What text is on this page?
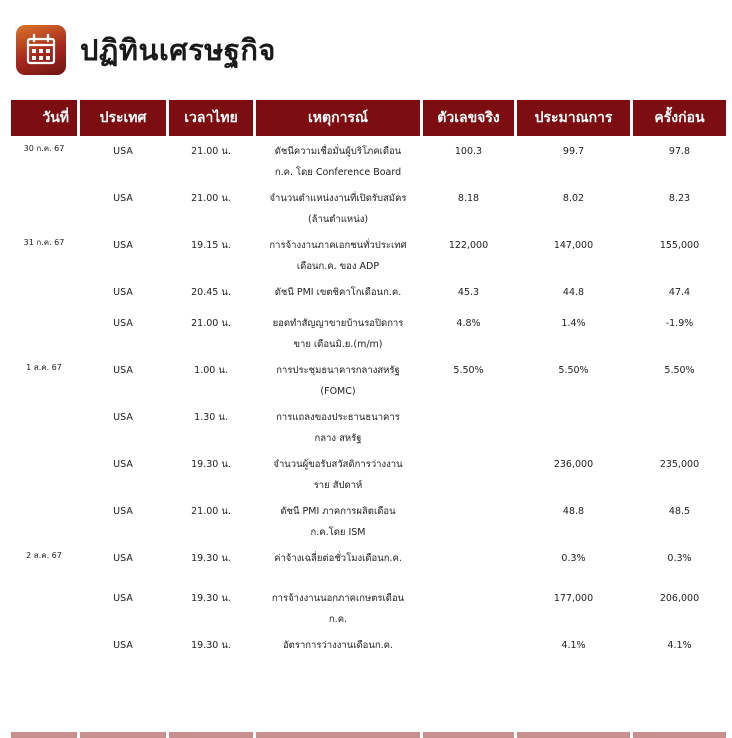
ปฏิทินเศรษฐกิจ
วันที่	ประเทศ	เวลาไทย	เหตุการณ์	ตัวเลขจริง	ประมาณการ	ครั้งก่อน
30 ก.ค. 67	USA	21.00 น.	ดัชนีความเชื่อมั่นผู้บริโภคเดือนก.ค. โดย Conference Board	100.3	99.7	97.8
	USA	21.00 น.	จำนวนตำแหน่งงานที่เปิดรับสมัคร (ล้านตำแหน่ง)	8.18	8.02	8.23
31 ก.ค. 67	USA	19.15 น.	การจ้างงานภาคเอกชนทั่วประเทศ เดือนก.ค. ของ ADP	122,000	147,000	155,000
	USA	20.45 น.	ดัชนี PMI เขตชิคาโกเดือนก.ค.	45.3	44.8	47.4
	USA	21.00 น.	ยอดทำสัญญาขายบ้านรอปิดการขาย เดือนมิ.ย.(m/m)	4.8%	1.4%	-1.9%
1 ส.ค. 67	USA	1.00 น.	การประชุมธนาคารกลางสหรัฐ (FOMC)	5.50%	5.50%	5.50%
	USA	1.30 น.	การแถลงของประธานธนาคารกลาง สหรัฐ			
	USA	19.30 น.	จำนวนผู้ขอรับสวัสดิการว่างงานราย สัปดาห์		236,000	235,000
	USA	21.00 น.	ดัชนี PMI ภาคการผลิตเดือนก.ค.โดย ISM		48.8	48.5
2 ส.ค. 67	USA	19.30 น.	ค่าจ้างเฉลี่ยต่อชั่วโมงเดือนก.ค.		0.3%	0.3%
	USA	19.30 น.	การจ้างงานนอกภาคเกษตรเดือนก.ค.		177,000	206,000
	USA	19.30 น.	อัตราการว่างงานเดือนก.ค.		4.1%	4.1%
